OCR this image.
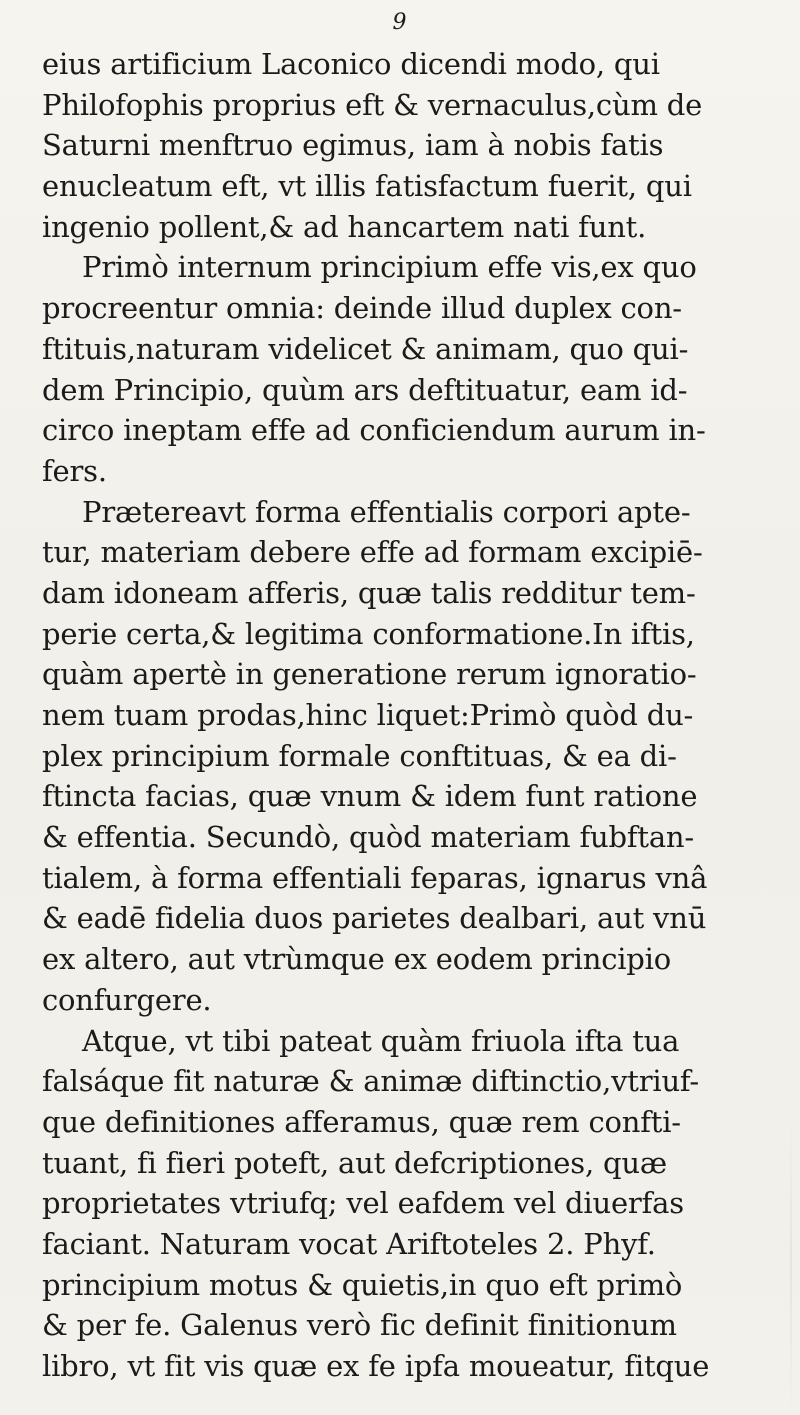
9
eius artificium Laconico dicendi modo, qui
Philofophis proprius eft & vernaculus,cùm de
Saturni menftruo egimus, iam à nobis fatis
enucleatum eft, vt illis fatisfactum fuerit, qui
ingenio pollent,& ad hancartem nati funt.
Primò internum principium effe vis,ex quo
procreentur omnia: deinde illud duplex con-
ftituis,naturam videlicet & animam, quo qui-
dem Principio, quùm ars deftituatur, eam id-
circo ineptam effe ad conficiendum aurum in-
fers.
Prætereavt forma effentialis corpori apte-
tur, materiam debere effe ad formam excipiē-
dam idoneam afferis, quæ talis redditur tem-
perie certa,& legitima conformatione.In iftis,
quàm apertè in generatione rerum ignoratio-
nem tuam prodas,hinc liquet:Primò quòd du-
plex principium formale conftituas, & ea di-
ftincta facias, quæ vnum & idem funt ratione
& effentia. Secundò, quòd materiam fubftan-
tialem, à forma effentiali feparas, ignarus vnâ
& eadē fidelia duos parietes dealbari, aut vnū
ex altero, aut vtrùmque ex eodem principio
confurgere.
Atque, vt tibi pateat quàm friuola ifta tua
falsáque fit naturæ & animæ diftinctio,vtriuf-
que definitiones afferamus, quæ rem confti-
tuant, fi fieri poteft, aut defcriptiones, quæ
proprietates vtriufq; vel eafdem vel diuerfas
faciant. Naturam vocat Ariftoteles 2. Phyf.
principium motus & quietis,in quo eft primò
& per fe. Galenus verò fic definit finitionum
libro, vt fit vis quæ ex fe ipfa moueatur, fitque
